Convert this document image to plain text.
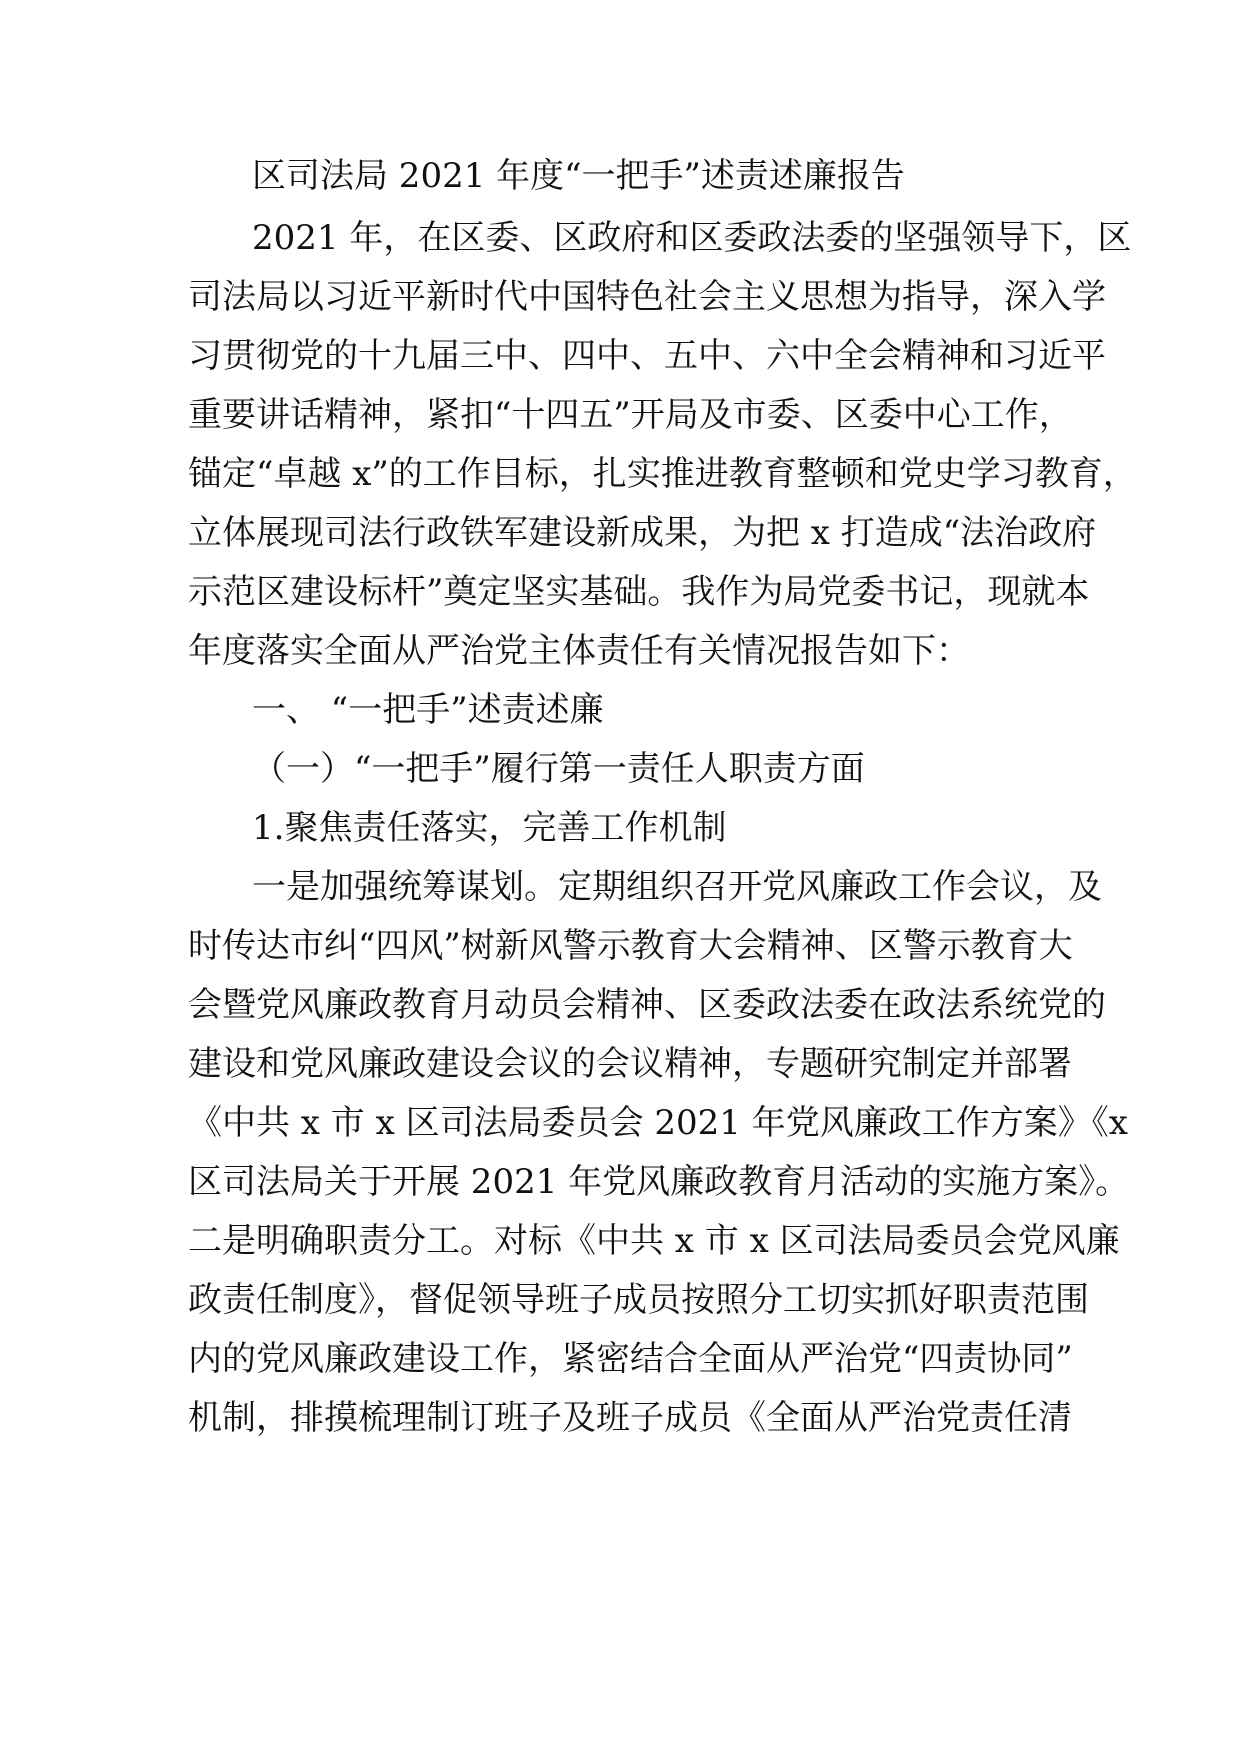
区司法局 2021 年度“一把手”述责述廉报告
2021 年，在区委、区政府和区委政法委的坚强领导下，区
司法局以习近平新时代中国特色社会主义思想为指导，深入学
习贯彻党的十九届三中、四中、五中、六中全会精神和习近平
重要讲话精神，紧扣“十四五”开局及市委、区委中心工作，
锚定“卓越 x”的工作目标，扎实推进教育整顿和党史学习教育，
立体展现司法行政铁军建设新成果，为把 x 打造成“法治政府
示范区建设标杆”奠定坚实基础。我作为局党委书记，现就本
年度落实全面从严治党主体责任有关情况报告如下：
一、 “一把手”述责述廉
（一）“一把手”履行第一责任人职责方面
1.聚焦责任落实，完善工作机制
一是加强统筹谋划。定期组织召开党风廉政工作会议，及
时传达市纠“四风”树新风警示教育大会精神、区警示教育大
会暨党风廉政教育月动员会精神、区委政法委在政法系统党的
建设和党风廉政建设会议的会议精神，专题研究制定并部署
《中共 x 市 x 区司法局委员会 2021 年党风廉政工作方案》《x
区司法局关于开展 2021 年党风廉政教育月活动的实施方案》。
二是明确职责分工。对标《中共 x 市 x 区司法局委员会党风廉
政责任制度》，督促领导班子成员按照分工切实抓好职责范围
内的党风廉政建设工作，紧密结合全面从严治党“四责协同”
机制，排摸梳理制订班子及班子成员《全面从严治党责任清
